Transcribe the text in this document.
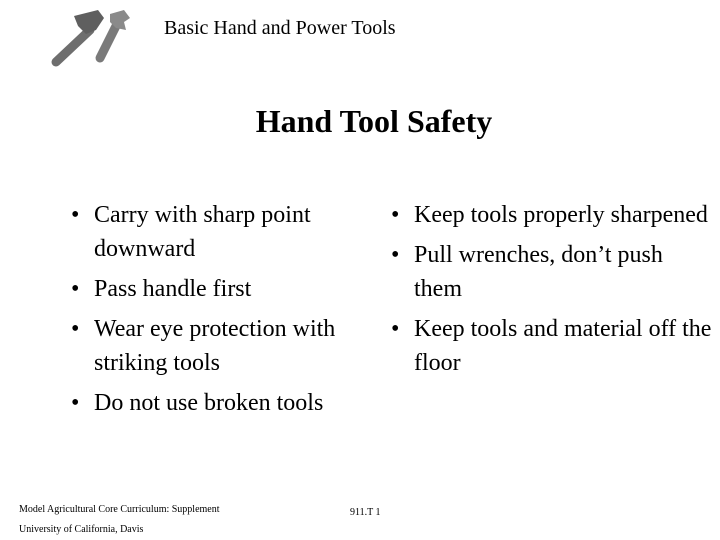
Basic Hand and Power Tools
Hand Tool Safety
• Carry with sharp point downward
• Pass handle first
• Wear eye protection with striking tools
• Do not use broken tools
• Keep tools properly sharpened
• Pull wrenches, don’t push them
• Keep tools and material off the floor
Model Agricultural Core Curriculum: Supplement
University of California, Davis
911.T 1
